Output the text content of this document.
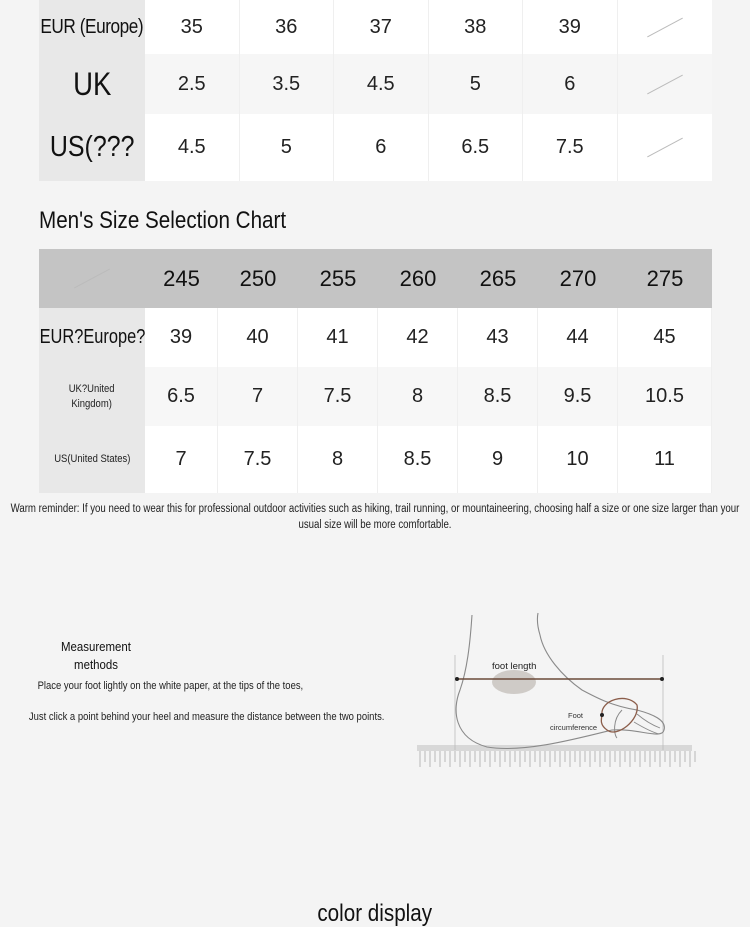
EUR (Europe)	35	36	37	38	39
UK	2.5	3.5	4.5	5	6
US(???	4.5	5	6	6.5	7.5
Men's Size Selection Chart
245	250	255	260	265	270	275
EUR?Europe?	39	40	41	42	43	44	45
UK?United
Kingdom)	6.5	7	7.5	8	8.5	9.5	10.5
US(United States)	7	7.5	8	8.5	9	10	11
Warm reminder: If you need to wear this for professional outdoor activities such as hiking, trail running, or mountaineering, choosing half a size or one size larger than your usual size will be more comfortable.
Measurement
methods
Place your foot lightly on the white paper, at the tips of the toes,
Just click a point behind your heel and measure the distance between the two points.
foot length
Foot
circumference
color display
